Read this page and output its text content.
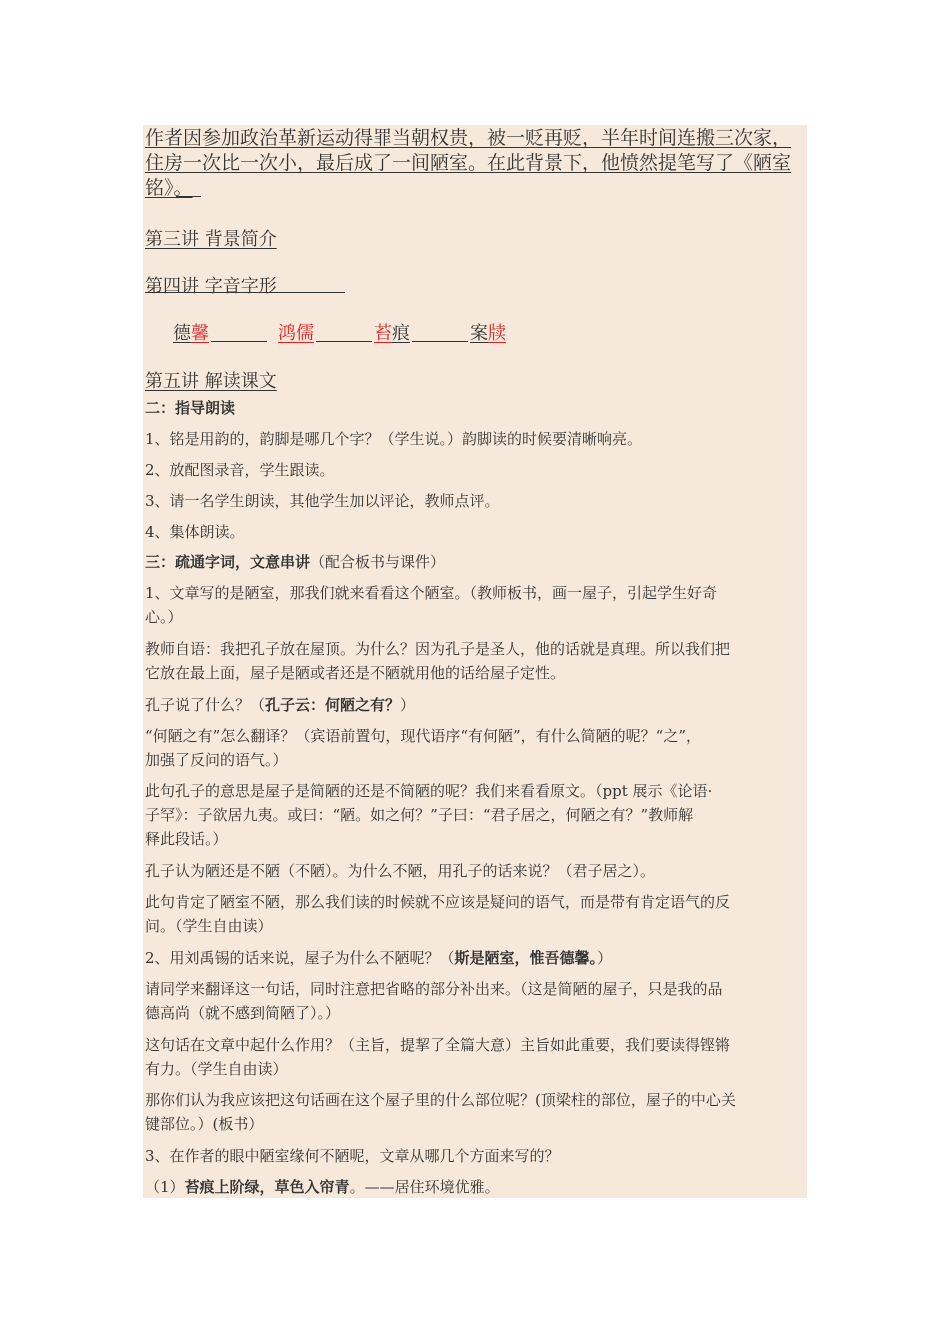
作者因参加政治革新运动得罪当朝权贵，被一贬再贬，半年时间连搬三次家，
住房一次比一次小，最后成了一间陋室。在此背景下，他愤然提笔写了《陋室
铭》。
第三讲 背景简介
第四讲 字音字形
德馨	鸿儒	苔痕	案牍
第五讲 解读课文
二：指导朗读
1、铭是用韵的，韵脚是哪几个字？（学生说。）韵脚读的时候要清晰响亮。
2、放配图录音，学生跟读。
3、请一名学生朗读，其他学生加以评论，教师点评。
4、集体朗读。
三：疏通字词，文意串讲（配合板书与课件）
1、文章写的是陋室，那我们就来看看这个陋室。（教师板书，画一屋子，引起学生好奇
心。）
教师自语：我把孔子放在屋顶。为什么？因为孔子是圣人，他的话就是真理。所以我们把
它放在最上面，屋子是陋或者还是不陋就用他的话给屋子定性。
孔子说了什么？（孔子云：何陋之有？）
“何陋之有”怎么翻译？（宾语前置句，现代语序“有何陋”，有什么简陋的呢？“之”，
加强了反问的语气。）
此句孔子的意思是屋子是简陋的还是不简陋的呢？我们来看看原文。（ppt 展示《论语·
子罕》：子欲居九夷。或曰：“陋。如之何？”子曰：“君子居之，何陋之有？”教师解
释此段话。）
孔子认为陋还是不陋（不陋）。为什么不陋，用孔子的话来说？（君子居之）。
此句肯定了陋室不陋，那么我们读的时候就不应该是疑问的语气，而是带有肯定语气的反
问。（学生自由读）
2、用刘禹锡的话来说，屋子为什么不陋呢？（斯是陋室，惟吾德馨。）
请同学来翻译这一句话，同时注意把省略的部分补出来。（这是简陋的屋子，只是我的品
德高尚（就不感到简陋了）。）
这句话在文章中起什么作用？（主旨，提挈了全篇大意）主旨如此重要，我们要读得铿锵
有力。（学生自由读）
那你们认为我应该把这句话画在这个屋子里的什么部位呢？(顶梁柱的部位，屋子的中心关
键部位。）(板书）
3、在作者的眼中陋室缘何不陋呢，文章从哪几个方面来写的？
（1）苔痕上阶绿，草色入帘青。——居住环境优雅。
